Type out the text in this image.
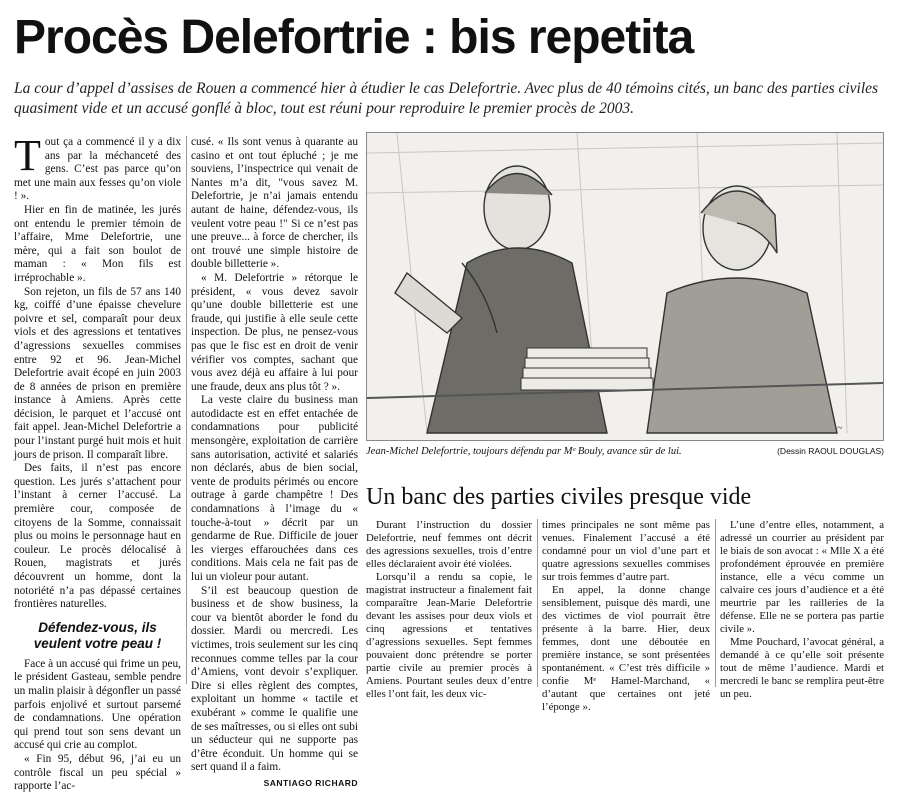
Procès Delefortrie : bis repetita
La cour d’appel d’assises de Rouen a commencé hier à étudier le cas Delefortrie. Avec plus de 40 témoins cités, un banc des parties civiles quasiment vide et un accusé gonflé à bloc, tout est réuni pour reproduire le premier procès de 2003.

Tout ça a commencé il y a dix ans par la méchanceté des gens. C’est pas parce qu’on met une main aux fesses qu’on viole ! ».

Hier en fin de matinée, les jurés ont entendu le premier témoin de l’affaire, Mme Delefortrie, une mère, qui a fait son boulot de maman : « Mon fils est irréprochable ».

Son rejeton, un fils de 57 ans 140 kg, coiffé d’une épaisse chevelure poivre et sel, comparaît pour deux viols et des agressions et tentatives d’agressions sexuelles commises entre 92 et 96. Jean-Michel Delefortrie avait écopé en juin 2003 de 8 années de prison en première instance à Amiens. Après cette décision, le parquet et l’accusé ont fait appel. Jean-Michel Delefortrie a pour l’instant purgé huit mois et huit jours de prison. Il comparaît libre.

Des faits, il n’est pas encore question. Les jurés s’attachent pour l’instant à cerner l’accusé. La première cour, composée de citoyens de la Somme, connaissait plus ou moins le personnage haut en couleur. Le procès délocalisé à Rouen, magistrats et jurés découvrent un homme, dont la notoriété n’a pas dépassé certaines frontières naturelles.

Défendez-vous, ils veulent votre peau !

Face à un accusé qui frime un peu, le président Gasteau, semble pendre un malin plaisir à dégonfler un passé parfois enjolivé et surtout parsemé de condamnations. Une opération qui prend tout son sens devant un accusé qui crie au complot.

« Fin 95, début 96, j’ai eu un contrôle fiscal un peu spécial » rapporte l’ac-

cusé. « Ils sont venus à quarante au casino et ont tout épluché ; je me souviens, l’inspectrice qui venait de Nantes m’a dit, "vous savez M. Delefortrie, je n’ai jamais entendu autant de haine, défendez-vous, ils veulent votre peau !" Si ce n’est pas une preuve... à force de chercher, ils ont trouvé une simple histoire de double billetterie ».

« M. Delefortrie » rétorque le président, « vous devez savoir qu’une double billetterie est une fraude, qui justifie à elle seule cette inspection. De plus, ne pensez-vous pas que le fisc est en droit de venir vérifier vos comptes, sachant que vous avez déjà eu affaire à lui pour une fraude, deux ans plus tôt ? ».

La veste claire du business man autodidacte est en effet entachée de condamnations pour publicité mensongère, exploitation de carrière sans autorisation, activité et salariés non déclarés, abus de bien social, vente de produits périmés ou encore outrage à garde champêtre ! Des condamnations à l’image du « touche-à-tout » décrit par un gendarme de Rue. Difficile de jouer les vierges effarouchées dans ces conditions. Mais cela ne fait pas de lui un violeur pour autant.

S’il est beaucoup question de business et de show business, la cour va bientôt aborder le fond du dossier. Mardi ou mercredi. Les victimes, trois seulement sur les cinq reconnues comme telles par la cour d’Amiens, vont devoir s’expliquer. Dire si elles règlent des comptes, exploitant un homme « tactile et exubérant » comme le qualifie une de ses maîtresses, ou si elles ont subi un séducteur qui ne supporte pas d’être éconduit. Un homme qui se sert quand il a faim.

SANTIAGO RICHARD
~
Jean-Michel Delefortrie, toujours défendu par Mᵉ Bouly, avance sûr de lui.	(Dessin RAOUL DOUGLAS)
Un banc des parties civiles presque vide

Durant l’instruction du dossier Delefortrie, neuf femmes ont décrit des agressions sexuelles, trois d’entre elles déclaraient avoir été violées.

Lorsqu’il a rendu sa copie, le magistrat instructeur a finalement fait comparaître Jean-Marie Delefortrie devant les assises pour deux viols et cinq agressions et tentatives d’agressions sexuelles. Sept femmes pouvaient donc prétendre se porter partie civile au premier procès à Amiens. Pourtant seules deux d’entre elles l’ont fait, les deux vic-

times principales ne sont même pas venues. Finalement l’accusé a été condamné pour un viol d’une part et quatre agressions sexuelles commises sur trois femmes d’autre part.

En appel, la donne change sensiblement, puisque dès mardi, une des victimes de viol pourrait être présente à la barre. Hier, deux femmes, dont une déboutée en première instance, se sont présentées spontanément. « C’est très difficile » confie Mᵉ Hamel-Marchand, « d’autant que certaines ont jeté l’éponge ».

L’une d’entre elles, notamment, a adressé un courrier au président par le biais de son avocat : « Mlle X a été profondément éprouvée en première instance, elle a vécu comme un calvaire ces jours d’audience et a été meurtrie par les railleries de la défense. Elle ne se portera pas partie civile ».

Mme Pouchard, l’avocat général, a demandé à ce qu’elle soit présente tout de même l’audience. Mardi et mercredi le banc se remplira peut-être un peu.
